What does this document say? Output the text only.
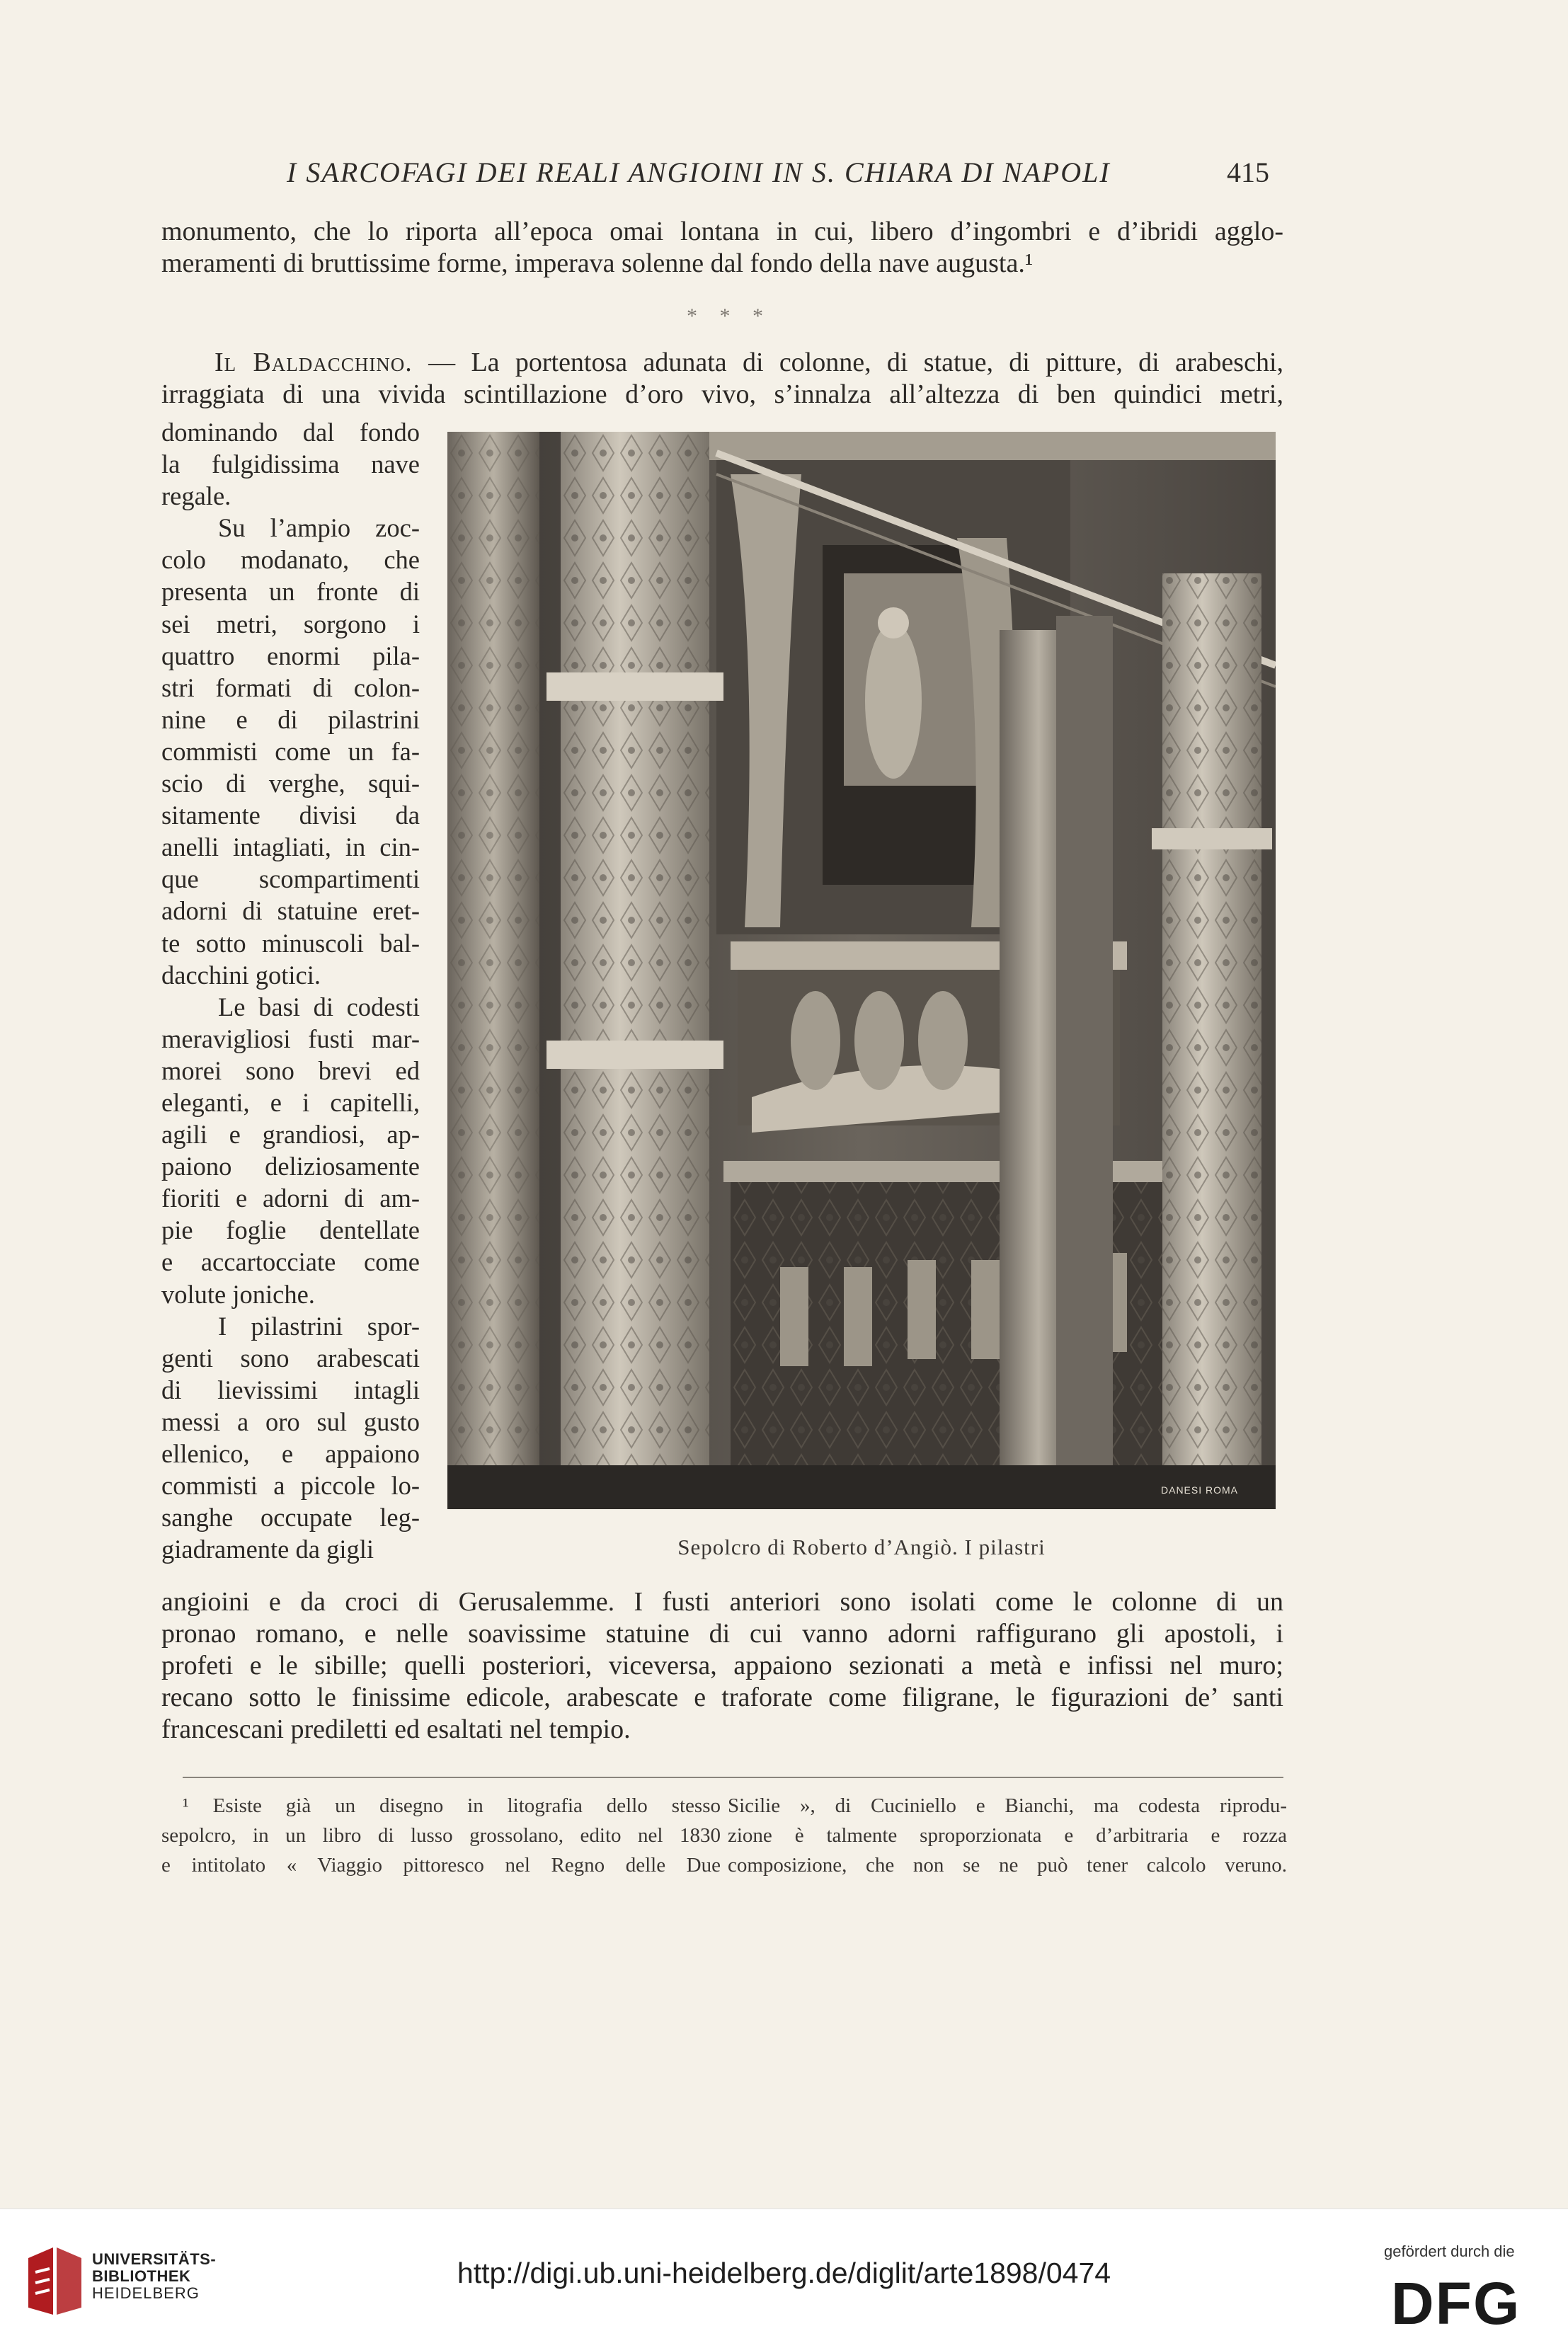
I SARCOFAGI DEI REALI ANGIOINI IN S. CHIARA DI NAPOLI	415
monumento, che lo riporta all’epoca omai lontana in cui, libero d’ingombri e d’ibridi agglo-
meramenti di bruttissime forme, imperava solenne dal fondo della nave augusta.¹
* * *
Il Baldacchino. — La portentosa adunata di colonne, di statue, di pitture, di arabeschi,
irraggiata di una vivida scintillazione d’oro vivo, s’innalza all’altezza di ben quindici metri,
dominando dal fondo
la fulgidissima nave
regale.
Su l’ampio zoc-
colo modanato, che
presenta un fronte di
sei metri, sorgono i
quattro enormi pila-
stri formati di colon-
nine e di pilastrini
commisti come un fa-
scio di verghe, squi-
sitamente divisi da
anelli intagliati, in cin-
que scompartimenti
adorni di statuine eret-
te sotto minuscoli bal-
dacchini gotici.
Le basi di codesti
meravigliosi fusti mar-
morei sono brevi ed
eleganti, e i capitelli,
agili e grandiosi, ap-
paiono deliziosamente
fioriti e adorni di am-
pie foglie dentellate
e accartocciate come
volute joniche.
I pilastrini spor-
genti sono arabescati
di lievissimi intagli
messi a oro sul gusto
ellenico, e appaiono
commisti a piccole lo-
sanghe occupate leg-
giadramente da gigli
DANESI ROMA
Sepolcro di Roberto d’Angiò. I pilastri
angioini e da croci di Gerusalemme. I fusti anteriori sono isolati come le colonne di un
pronao romano, e nelle soavissime statuine di cui vanno adorni raffigurano gli apostoli, i
profeti e le sibille; quelli posteriori, viceversa, appaiono sezionati a metà e infissi nel muro;
recano sotto le finissime edicole, arabescate e traforate come filigrane, le figurazioni de’ santi
francescani prediletti ed esaltati nel tempio.
¹ Esiste già un disegno in litografia dello stesso
sepolcro, in un libro di lusso grossolano, edito nel 1830
e intitolato « Viaggio pittoresco nel Regno delle Due
Sicilie », di Cuciniello e Bianchi, ma codesta riprodu-
zione è talmente sproporzionata e d’arbitraria e rozza
composizione, che non se ne può tener calcolo veruno.
UNIVERSITÄTS-
BIBLIOTHEK
HEIDELBERG
http://digi.ub.uni-heidelberg.de/diglit/arte1898/0474
gefördert durch die
DFG
